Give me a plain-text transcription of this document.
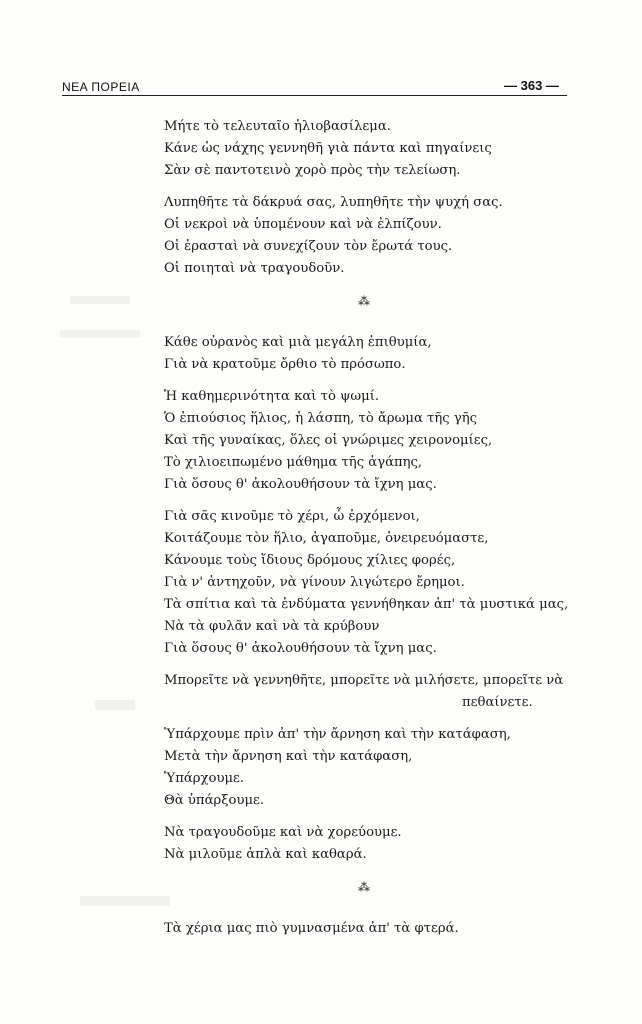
ΝΕΑ ΠΟΡΕΙΑ	— 363 —
Μήτε τὸ τελευταῖο ἡλιοβασίλεμα.
Κάνε ὡς νάχης γεννηθῆ γιὰ πάντα καὶ πηγαίνεις
Σὰν σὲ παντοτεινὸ χορὸ πρὸς τὴν τελείωση.
Λυπηθῆτε τὰ δάκρυά σας, λυπηθῆτε τὴν ψυχή σας.
Οἱ νεκροὶ νὰ ὑπομένουν καὶ νὰ ἐλπίζουν.
Οἱ ἐρασταὶ νὰ συνεχίζουν τὸν ἔρωτά τους.
Οἱ ποιηταὶ νὰ τραγουδοῦν.
⁂
Κάθε οὐρανὸς καὶ μιὰ μεγάλη ἐπιθυμία,
Γιὰ νὰ κρατοῦμε ὄρθιο τὸ πρόσωπο.
Ἡ καθημερινότητα καὶ τὸ ψωμί.
Ὁ ἐπιούσιος ἥλιος, ἡ λάσπη, τὸ ἄρωμα τῆς γῆς
Καὶ τῆς γυναίκας, ὅλες οἱ γνώριμες χειρονομίες,
Τὸ χιλιοειπωμένο μάθημα τῆς ἀγάπης,
Γιὰ ὅσους θ' ἀκολουθήσουν τὰ ἴχνη μας.
Γιὰ σᾶς κινοῦμε τὸ χέρι, ὦ ἐρχόμενοι,
Κοιτάζουμε τὸν ἥλιο, ἀγαποῦμε, ὀνειρευόμαστε,
Κάνουμε τοὺς ἴδιους δρόμους χίλιες φορές,
Γιὰ ν' ἀντηχοῦν, νὰ γίνουν λιγώτερο ἔρημοι.
Τὰ σπίτια καὶ τὰ ἐνδύματα γεννήθηκαν ἀπ' τὰ μυστικά μας,
Νὰ τὰ φυλᾶν καὶ νὰ τὰ κρύβουν
Γιὰ ὅσους θ' ἀκολουθήσουν τὰ ἴχνη μας.
Μπορεῖτε νὰ γεννηθῆτε, μπορεῖτε νὰ μιλήσετε, μπορεῖτε νὰ
πεθαίνετε.
Ὑπάρχουμε πρὶν ἀπ' τὴν ἄρνηση καὶ τὴν κατάφαση,
Μετὰ τὴν ἄρνηση καὶ τὴν κατάφαση,
Ὑπάρχουμε.
Θὰ ὑπάρξουμε.
Νὰ τραγουδοῦμε καὶ νὰ χορεύουμε.
Νὰ μιλοῦμε ἁπλὰ καὶ καθαρά.
⁂
Τὰ χέρια μας πιὸ γυμνασμένα ἀπ' τὰ φτερά.
